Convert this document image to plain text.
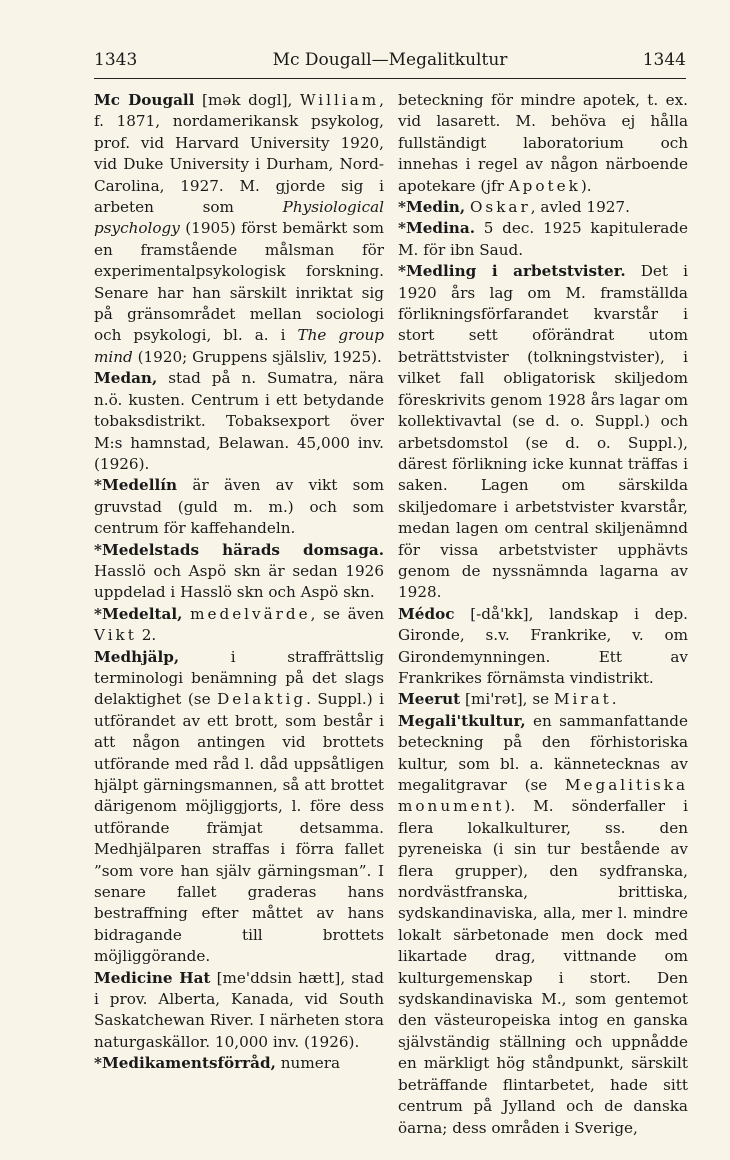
1343	Mc Dougall—Megalitkultur	1344

Mc Dougall [mək dogl], William, f. 1871, nordamerikansk psykolog, prof. vid Harvard University 1920, vid Duke University i Durham, Nord-Carolina, 1927. M. gjorde sig i arbeten som Physiological psychology (1905) först bemärkt som en framstående målsman för experimentalpsykologisk forskning. Senare har han särskilt inriktat sig på gränsområdet mellan sociologi och psykologi, bl. a. i The group mind (1920; Gruppens själsliv, 1925).

Medan, stad på n. Sumatra, nära n.ö. kusten. Centrum i ett betydande tobaksdistrikt. Tobaksexport över M:s hamnstad, Belawan. 45,000 inv. (1926).

*Medellín är även av vikt som gruvstad (guld m. m.) och som centrum för kaffehandeln.

*Medelstads härads domsaga. Hasslö och Aspö skn är sedan 1926 uppdelad i Hasslö skn och Aspö skn.

*Medeltal, medelvärde, se även Vikt 2.

Medhjälp, i straffrättslig terminologi benämning på det slags delaktighet (se Delaktig. Suppl.) i utförandet av ett brott, som består i att någon antingen vid brottets utförande med råd l. dåd uppsåtligen hjälpt gärningsmannen, så att brottet därigenom möjliggjorts, l. före dess utförande främjat detsamma. Medhjälparen straffas i förra fallet ”som vore han själv gärningsman”. I senare fallet graderas hans bestraffning efter måttet av hans bidragande till brottets möjliggörande.

Medicine Hat [me'ddsin hætt], stad i prov. Alberta, Kanada, vid South Saskatchewan River. I närheten stora naturgaskällor. 10,000 inv. (1926).

*Medikamentsförråd, numera

beteckning för mindre apotek, t. ex. vid lasarett. M. behöva ej hålla fullständigt laboratorium och innehas i regel av någon närboende apotekare (jfr Apotek).

*Medin, Oskar, avled 1927.

*Medina. 5 dec. 1925 kapitulerade M. för ibn Saud.

*Medling i arbetstvister. Det i 1920 års lag om M. framställda förlikningsförfarandet kvarstår i stort sett oförändrat utom beträttstvister (tolkningstvister), i vilket fall obligatorisk skiljedom föreskrivits genom 1928 års lagar om kollektivavtal (se d. o. Suppl.) och arbetsdomstol (se d. o. Suppl.), därest förlikning icke kunnat träffas i saken. Lagen om särskilda skiljedomare i arbetstvister kvarstår, medan lagen om central skiljenämnd för vissa arbetstvister upphävts genom de nyssnämnda lagarna av 1928.

Médoc [-då'kk], landskap i dep. Gironde, s.v. Frankrike, v. om Girondemynningen. Ett av Frankrikes förnämsta vindistrikt.

Meerut [mi'rət], se Mirat.

Megali'tkultur, en sammanfattande beteckning på den förhistoriska kultur, som bl. a. kännetecknas av megalitgravar (se Megalitiska monument). M. sönderfaller i flera lokalkulturer, ss. den pyreneiska (i sin tur bestående av flera grupper), den sydfranska, nordvästfranska, brittiska, sydskandinaviska, alla, mer l. mindre lokalt särbetonade men dock med likartade drag, vittnande om kulturgemenskap i stort. Den sydskandinaviska M., som gentemot den västeuropeiska intog en ganska självständig ställning och uppnådde en märkligt hög ståndpunkt, särskilt beträffande flintarbetet, hade sitt centrum på Jylland och de danska öarna; dess områden i Sverige,
